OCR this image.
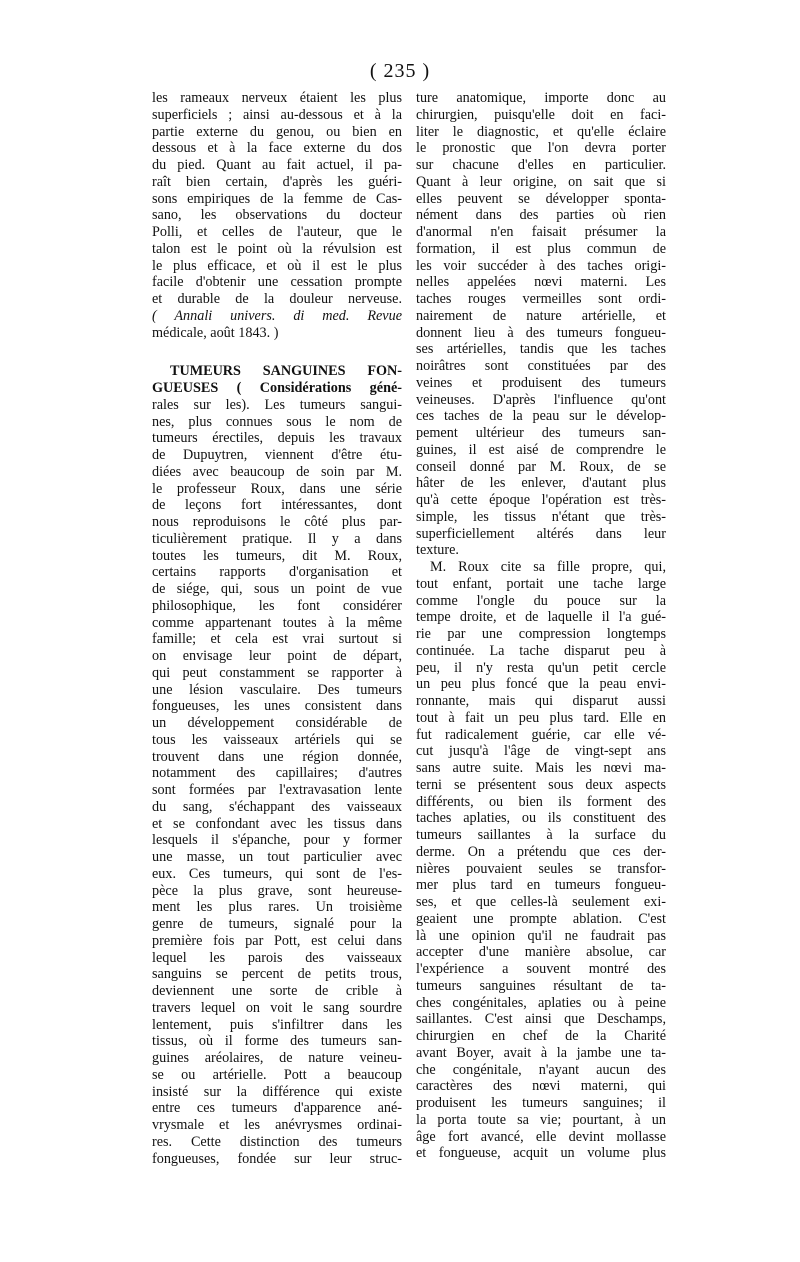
( 235 )
les rameaux nerveux étaient les plus
superficiels ; ainsi au-dessous et à la
partie externe du genou, ou bien en
dessous et à la face externe du dos
du pied. Quant au fait actuel, il pa-
raît bien certain, d'après les guéri-
sons empiriques de la femme de Cas-
sano, les observations du docteur
Polli, et celles de l'auteur, que le
talon est le point où la révulsion est
le plus efficace, et où il est le plus
facile d'obtenir une cessation prompte
et durable de la douleur nerveuse.
( Annali univers. di med. Revue
médicale, août 1843. )
TUMEURS SANGUINES FON-
GUEUSES ( Considérations géné-
rales sur les). Les tumeurs sangui-
nes, plus connues sous le nom de
tumeurs érectiles, depuis les travaux
de Dupuytren, viennent d'être étu-
diées avec beaucoup de soin par M.
le professeur Roux, dans une série
de leçons fort intéressantes, dont
nous reproduisons le côté plus par-
ticulièrement pratique. Il y a dans
toutes les tumeurs, dit M. Roux,
certains rapports d'organisation et
de siége, qui, sous un point de vue
philosophique, les font considérer
comme appartenant toutes à la même
famille; et cela est vrai surtout si
on envisage leur point de départ,
qui peut constamment se rapporter à
une lésion vasculaire. Des tumeurs
fongueuses, les unes consistent dans
un développement considérable de
tous les vaisseaux artériels qui se
trouvent dans une région donnée,
notamment des capillaires; d'autres
sont formées par l'extravasation lente
du sang, s'échappant des vaisseaux
et se confondant avec les tissus dans
lesquels il s'épanche, pour y former
une masse, un tout particulier avec
eux. Ces tumeurs, qui sont de l'es-
pèce la plus grave, sont heureuse-
ment les plus rares. Un troisième
genre de tumeurs, signalé pour la
première fois par Pott, est celui dans
lequel les parois des vaisseaux
sanguins se percent de petits trous,
deviennent une sorte de crible à
travers lequel on voit le sang sourdre
lentement, puis s'infiltrer dans les
tissus, où il forme des tumeurs san-
guines aréolaires, de nature veineu-
se ou artérielle. Pott a beaucoup
insisté sur la différence qui existe
entre ces tumeurs d'apparence ané-
vrysmale et les anévrysmes ordinai-
res. Cette distinction des tumeurs
fongueuses, fondée sur leur struc-
ture anatomique, importe donc au
chirurgien, puisqu'elle doit en faci-
liter le diagnostic, et qu'elle éclaire
le pronostic que l'on devra porter
sur chacune d'elles en particulier.
Quant à leur origine, on sait que si
elles peuvent se développer sponta-
nément dans des parties où rien
d'anormal n'en faisait présumer la
formation, il est plus commun de
les voir succéder à des taches origi-
nelles appelées nœvi materni. Les
taches rouges vermeilles sont ordi-
nairement de nature artérielle, et
donnent lieu à des tumeurs fongueu-
ses artérielles, tandis que les taches
noirâtres sont constituées par des
veines et produisent des tumeurs
veineuses. D'après l'influence qu'ont
ces taches de la peau sur le dévelop-
pement ultérieur des tumeurs san-
guines, il est aisé de comprendre le
conseil donné par M. Roux, de se
hâter de les enlever, d'autant plus
qu'à cette époque l'opération est très-
simple, les tissus n'étant que très-
superficiellement altérés dans leur
texture.
M. Roux cite sa fille propre, qui,
tout enfant, portait une tache large
comme l'ongle du pouce sur la
tempe droite, et de laquelle il l'a gué-
rie par une compression longtemps
continuée. La tache disparut peu à
peu, il n'y resta qu'un petit cercle
un peu plus foncé que la peau envi-
ronnante, mais qui disparut aussi
tout à fait un peu plus tard. Elle en
fut radicalement guérie, car elle vé-
cut jusqu'à l'âge de vingt-sept ans
sans autre suite. Mais les nœvi ma-
terni se présentent sous deux aspects
différents, ou bien ils forment des
taches aplaties, ou ils constituent des
tumeurs saillantes à la surface du
derme. On a prétendu que ces der-
nières pouvaient seules se transfor-
mer plus tard en tumeurs fongueu-
ses, et que celles-là seulement exi-
geaient une prompte ablation. C'est
là une opinion qu'il ne faudrait pas
accepter d'une manière absolue, car
l'expérience a souvent montré des
tumeurs sanguines résultant de ta-
ches congénitales, aplaties ou à peine
saillantes. C'est ainsi que Deschamps,
chirurgien en chef de la Charité
avant Boyer, avait à la jambe une ta-
che congénitale, n'ayant aucun des
caractères des nœvi materni, qui
produisent les tumeurs sanguines; il
la porta toute sa vie; pourtant, à un
âge fort avancé, elle devint mollasse
et fongueuse, acquit un volume plus
